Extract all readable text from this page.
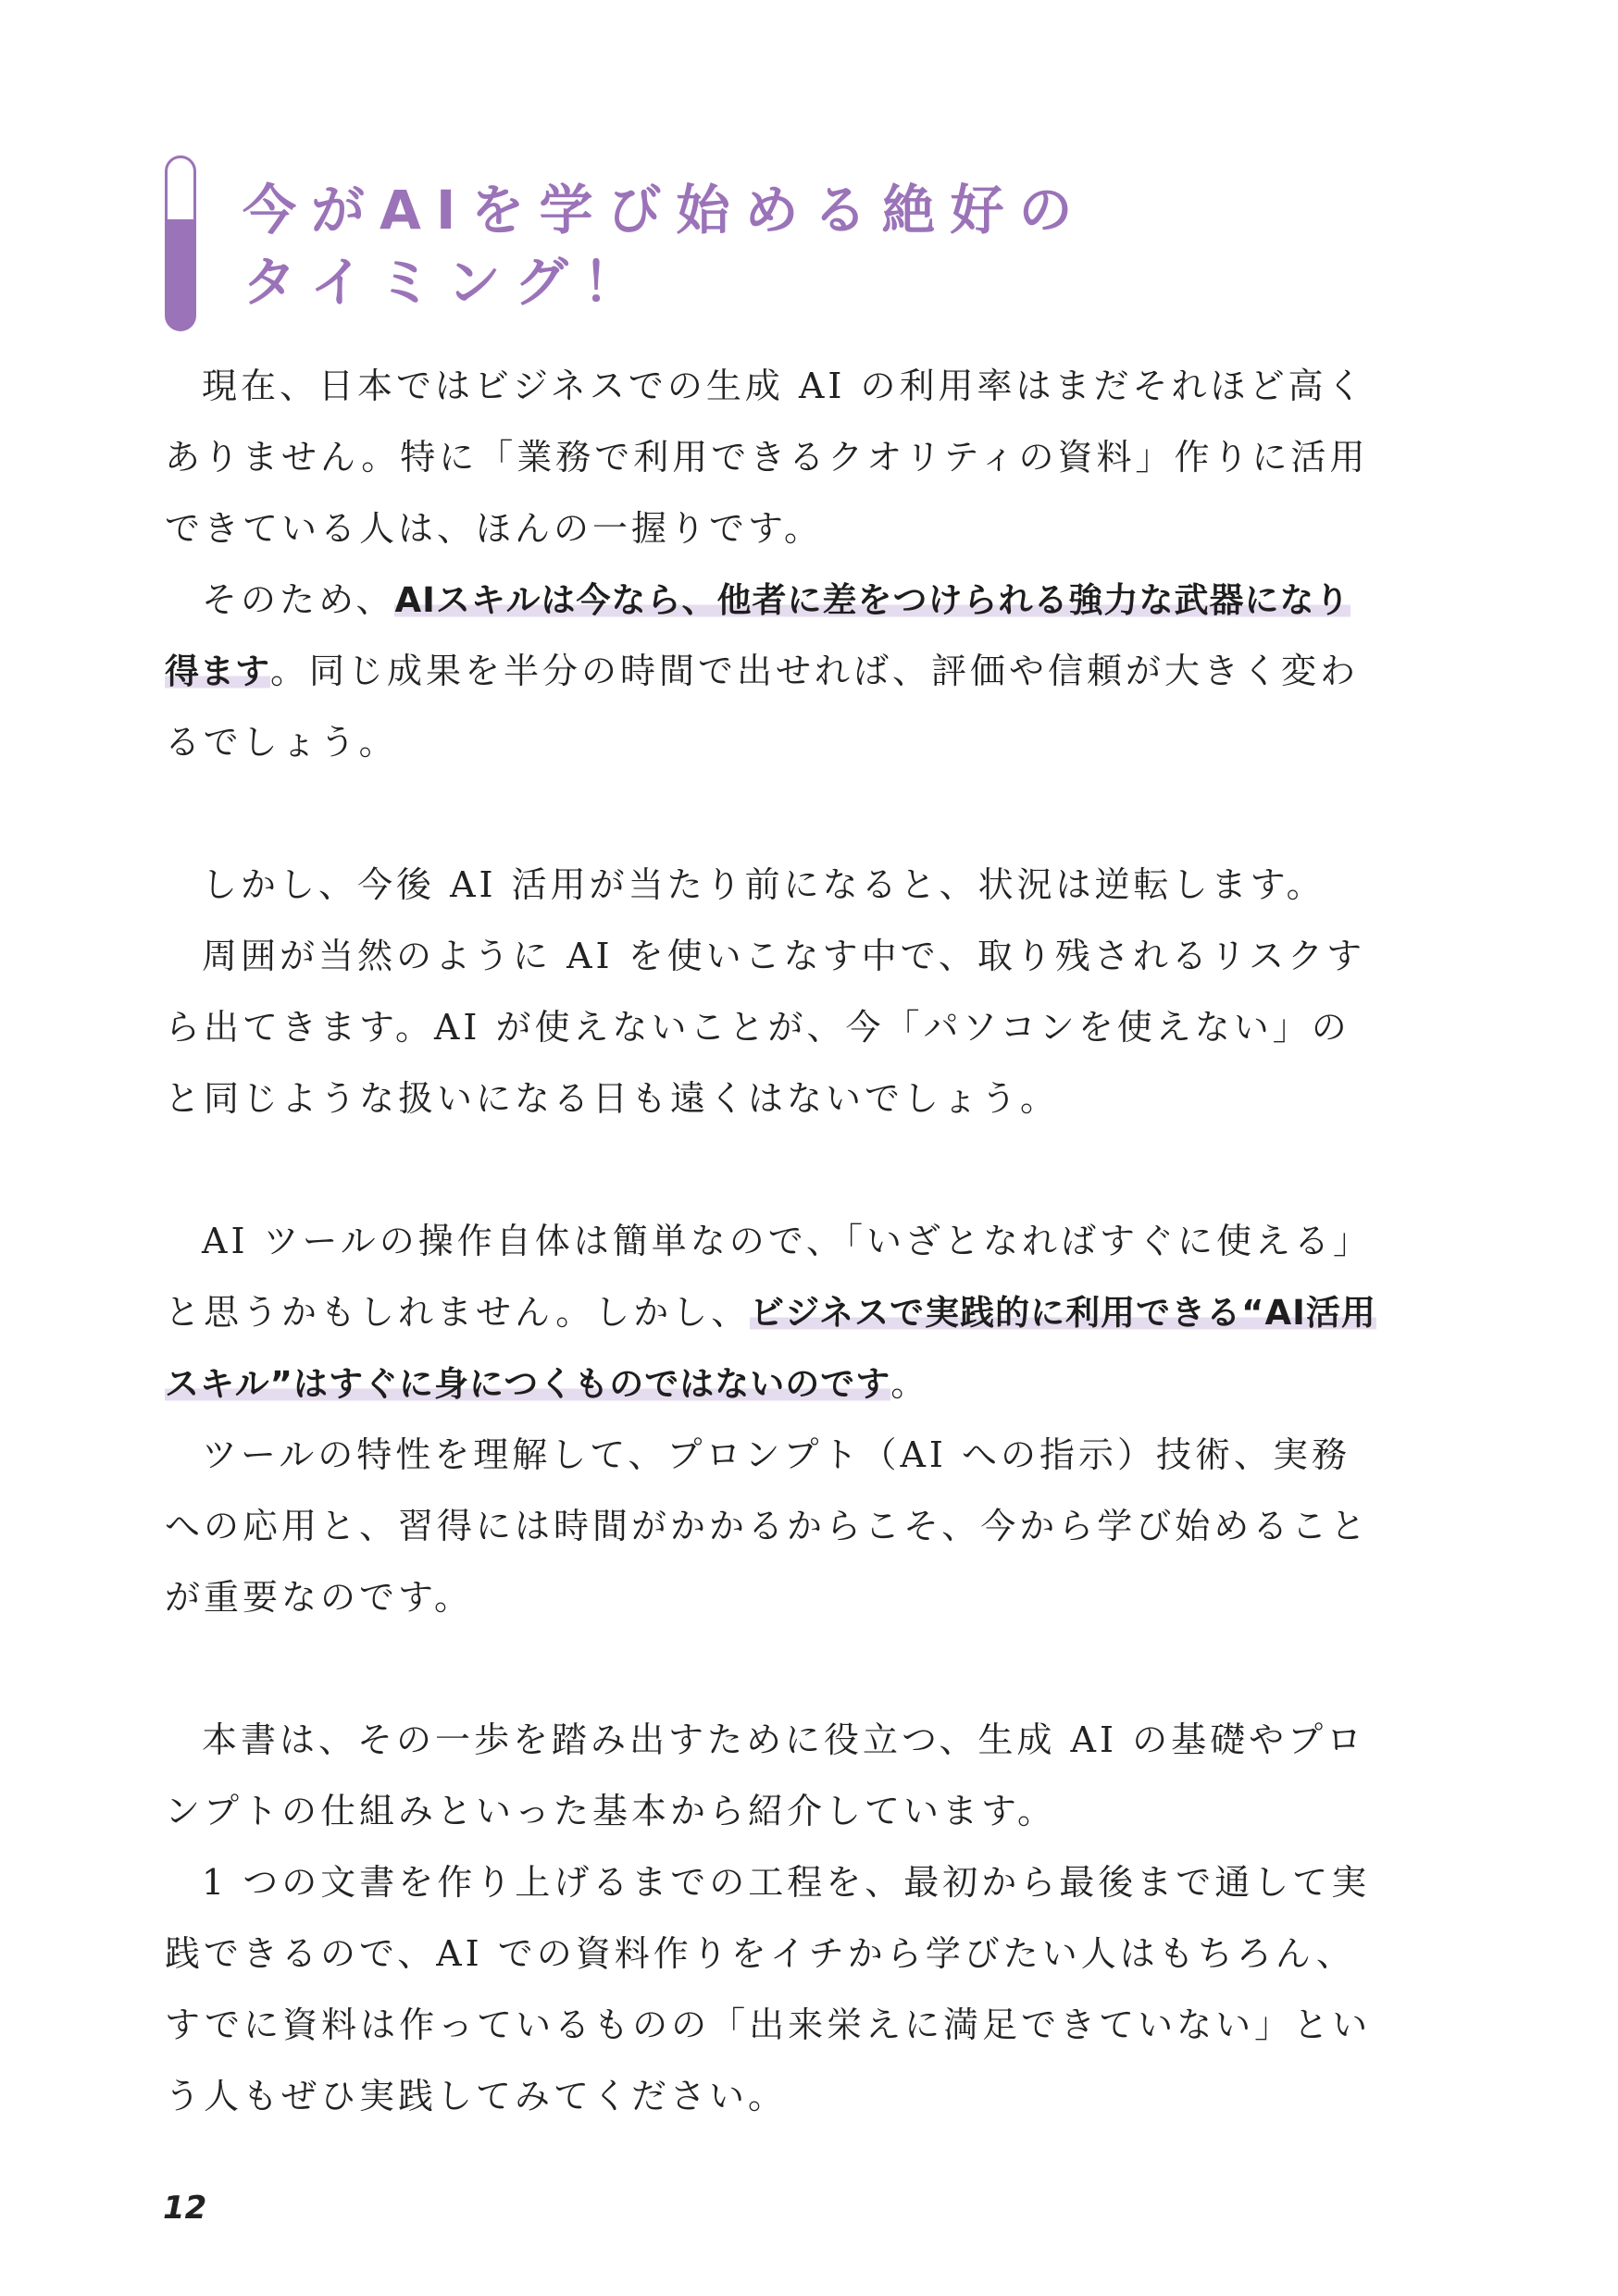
今がAIを学び始める絶好の
タイミング！

現在、日本ではビジネスでの生成 AI の利用率はまだそれほど高くありません。特に「業務で利用できるクオリティの資料」作りに活用できている人は、ほんの一握りです。

そのため、AIスキルは今なら、他者に差をつけられる強力な武器になり得ます。同じ成果を半分の時間で出せれば、評価や信頼が大きく変わるでしょう。

しかし、今後 AI 活用が当たり前になると、状況は逆転します。

周囲が当然のように AI を使いこなす中で、取り残されるリスクすら出てきます。AI が使えないことが、今「パソコンを使えない」のと同じような扱いになる日も遠くはないでしょう。

AI ツールの操作自体は簡単なので、「いざとなればすぐに使える」と思うかもしれません。しかし、ビジネスで実践的に利用できる“AI活用スキル”はすぐに身につくものではないのです。

ツールの特性を理解して、プロンプト（AI への指示）技術、実務への応用と、習得には時間がかかるからこそ、今から学び始めることが重要なのです。

本書は、その一歩を踏み出すために役立つ、生成 AI の基礎やプロンプトの仕組みといった基本から紹介しています。

1 つの文書を作り上げるまでの工程を、最初から最後まで通して実践できるので、AI での資料作りをイチから学びたい人はもちろん、すでに資料は作っているものの「出来栄えに満足できていない」という人もぜひ実践してみてください。

12
